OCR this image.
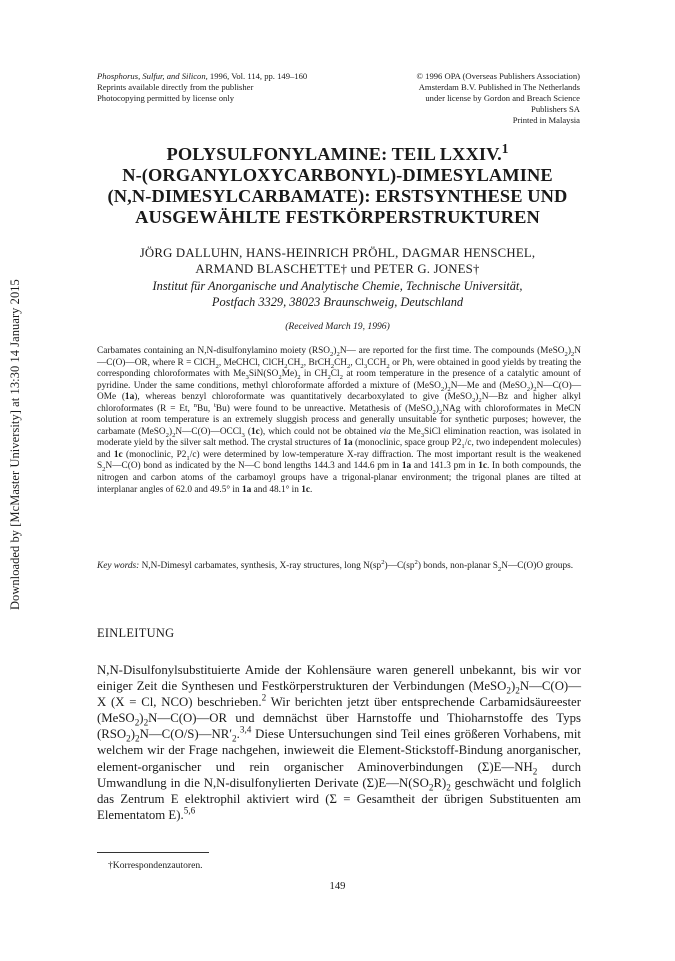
Phosphorus, Sulfur, and Silicon, 1996, Vol. 114, pp. 149–160
Reprints available directly from the publisher
Photocopying permitted by license only
© 1996 OPA (Overseas Publishers Association)
Amsterdam B.V. Published in The Netherlands
under license by Gordon and Breach Science
Publishers SA
Printed in Malaysia
POLYSULFONYLAMINE: TEIL LXXIV.$^1$
N-(ORGANYLOXYCARBONYL)-DIMESYLAMINE
(N,N-DIMESYLCARBAMATE): ERSTSYNTHESE UND
AUSGEWÄHLTE FESTKÖRPERSTRUKTUREN
JÖRG DALLUHN, HANS-HEINRICH PRÖHL, DAGMAR HENSCHEL,
ARMAND BLASCHETTE† und PETER G. JONES†
Institut für Anorganische und Analytische Chemie, Technische Universität,
Postfach 3329, 38023 Braunschweig, Deutschland
(Received March 19, 1996)
Carbamates containing an N,N-disulfonylamino moiety $(RSO_2)_2N—$ are reported for the first time. The compounds $(MeSO_2)_2N—C(O)—OR$, where R = ClCH$_2$, MeCHCl, $ClCH_2CH_2$, $BrCH_2CH_2$, $Cl_3CCH_2$ or Ph, were obtained in good yields by treating the corresponding chloroformates with $Me_3SiN(SO_2Me)_2$ in $CH_2Cl_2$ at room temperature in the presence of a catalytic amount of pyridine. Under the same conditions, methyl chloroformate afforded a mixture of $(MeSO_2)_2N—Me$ and $(MeSO_2)_2N—C(O)—OMe$ (1a), whereas benzyl chloroformate was quantitatively decarboxylated to give $(MeSO_2)_2N—Bz$ and higher alkyl chloroformates (R = Et, $^n$Bu, $^t$Bu) were found to be unreactive. Metathesis of $(MeSO_2)_2NAg$ with chloroformates in MeCN solution at room temperature is an extremely sluggish process and generally unsuitable for synthetic purposes; however, the carbamate $(MeSO_2)_2N—C(O)—OCCl_3$ (1c), which could not be obtained via the $Me_3SiCl$ elimination reaction, was isolated in moderate yield by the silver salt method. The crystal structures of 1a (monoclinic, space group $P2_1/c$, two independent molecules) and 1c (monoclinic, $P2_1/c$) were determined by low-temperature X-ray diffraction. The most important result is the weakened $S_2N—C(O)$ bond as indicated by the N—C bond lengths 144.3 and 144.6 pm in 1a and 141.3 pm in 1c. In both compounds, the nitrogen and carbon atoms of the carbamoyl groups have a trigonal-planar environment; the trigonal planes are tilted at interplanar angles of 62.0 and 49.5° in 1a and 48.1° in 1c.
Key words: N,N-Dimesyl carbamates, synthesis, X-ray structures, long $N(sp^2)—C(sp^2)$ bonds, non-planar $S_2N—C(O)O$ groups.
EINLEITUNG
N,N-Disulfonylsubstituierte Amide der Kohlensäure waren generell unbekannt, bis wir vor einiger Zeit die Synthesen und Festkörperstrukturen der Verbindungen $(MeSO_2)_2N—C(O)—X$ (X = Cl, NCO) beschrieben.$^2$ Wir berichten jetzt über entsprechende Carbamidsäureester $(MeSO_2)_2N—C(O)—OR$ und demnächst über Harnstoffe und Thioharnstoffe des Typs $(RSO_2)_2N—C(O/S)—NR'_2.^{3,4}$ Diese Untersuchungen sind Teil eines größeren Vorhabens, mit welchem wir der Frage nachgehen, inwieweit die Element-Stickstoff-Bindung anorganischer, element-organischer und rein organischer Aminoverbindungen $(\Sigma)E—NH_2$ durch Umwandlung in die N,N-disulfonylierten Derivate $(\Sigma)E—N(SO_2R)_2$ geschwächt und folglich das Zentrum E elektrophil aktiviert wird (Σ = Gesamtheit der übrigen Substituenten am Elementatom E).$^{5,6}$
†Korrespondenzautoren.
149
Downloaded by [McMaster University] at 13:30 14 January 2015
